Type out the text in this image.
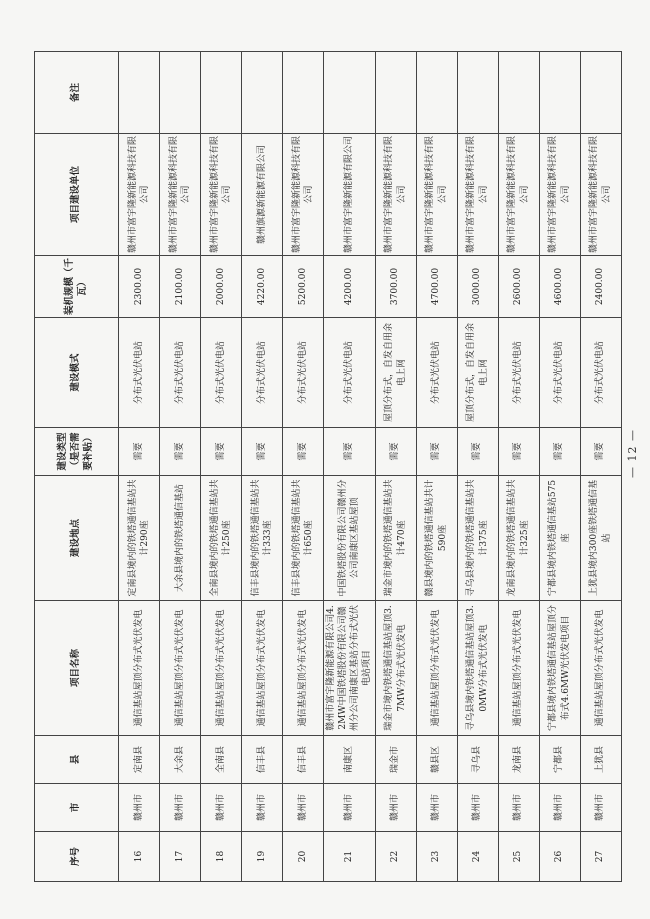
序号	市	县	项目名称	建设地点	建设类型（是否需要补贴）	建设模式	装机规模（千瓦）	项目建设单位	备注
16	赣州市	定南县	通信基站屋顶分布式光伏发电	定南县境内的铁塔通信基站共计290座	需要	分布式光伏电站	2300.00	赣州市富宇隆新能源科技有限公司	
17	赣州市	大余县	通信基站屋顶分布式光伏发电	大余县境内的铁塔通信基站	需要	分布式光伏电站	2100.00	赣州市富宇隆新能源科技有限公司	
18	赣州市	全南县	通信基站屋顶分布式光伏发电	全南县境内的铁塔通信基站共计250座	需要	分布式光伏电站	2000.00	赣州市富宇隆新能源科技有限公司	
19	赣州市	信丰县	通信基站屋顶分布式光伏发电	信丰县境内的铁塔通信基站共计333座	需要	分布式光伏电站	4220.00	赣州旗源新能源有限公司	
20	赣州市	信丰县	通信基站屋顶分布式光伏发电	信丰县境内的铁塔通信基站共计650座	需要	分布式光伏电站	5200.00	赣州市富宇隆新能源科技有限公司	
21	赣州市	南康区	赣州市富宇隆新能源有限公司4.2MW中国铁塔股份有限公司赣州分公司南康区基站分布式光伏电站项目	中国铁塔股份有限公司赣州分公司南康区基站屋顶	需要	分布式光伏电站	4200.00	赣州市富宇隆新能源有限公司	
22	赣州市	瑞金市	瑞金市境内铁塔通信基站屋顶3.7MW分布式光伏发电	瑞金市境内的铁塔通信基站共计470座	需要	屋顶分布式，自发自用余电上网	3700.00	赣州市富宇隆新能源科技有限公司	
23	赣州市	赣县区	通信基站屋顶分布式光伏发电	赣县境内的铁塔通信基站共计590座	需要	分布式光伏电站	4700.00	赣州市富宇隆新能源科技有限公司	
24	赣州市	寻乌县	寻乌县境内铁塔通信基站屋顶3.0MW分布式光伏发电	寻乌县境内的铁塔通信基站共计375座	需要	屋顶分布式，自发自用余电上网	3000.00	赣州市富宇隆新能源科技有限公司	
25	赣州市	龙南县	通信基站屋顶分布式光伏发电	龙南县境内的铁塔通信基站共计325座	需要	分布式光伏电站	2600.00	赣州市富宇隆新能源科技有限公司	
26	赣州市	宁都县	宁都县境内铁塔通信基站屋顶分布式4.6MW光伏发电项目	宁都县境内铁塔通信基站575座	需要	分布式光伏电站	4600.00	赣州市富宇隆新能源科技有限公司	
27	赣州市	上犹县	通信基站屋顶分布式光伏发电	上犹县境内300座铁塔通信基站	需要	分布式光伏电站	2400.00	赣州市富宇隆新能源科技有限公司	
— 12 —
